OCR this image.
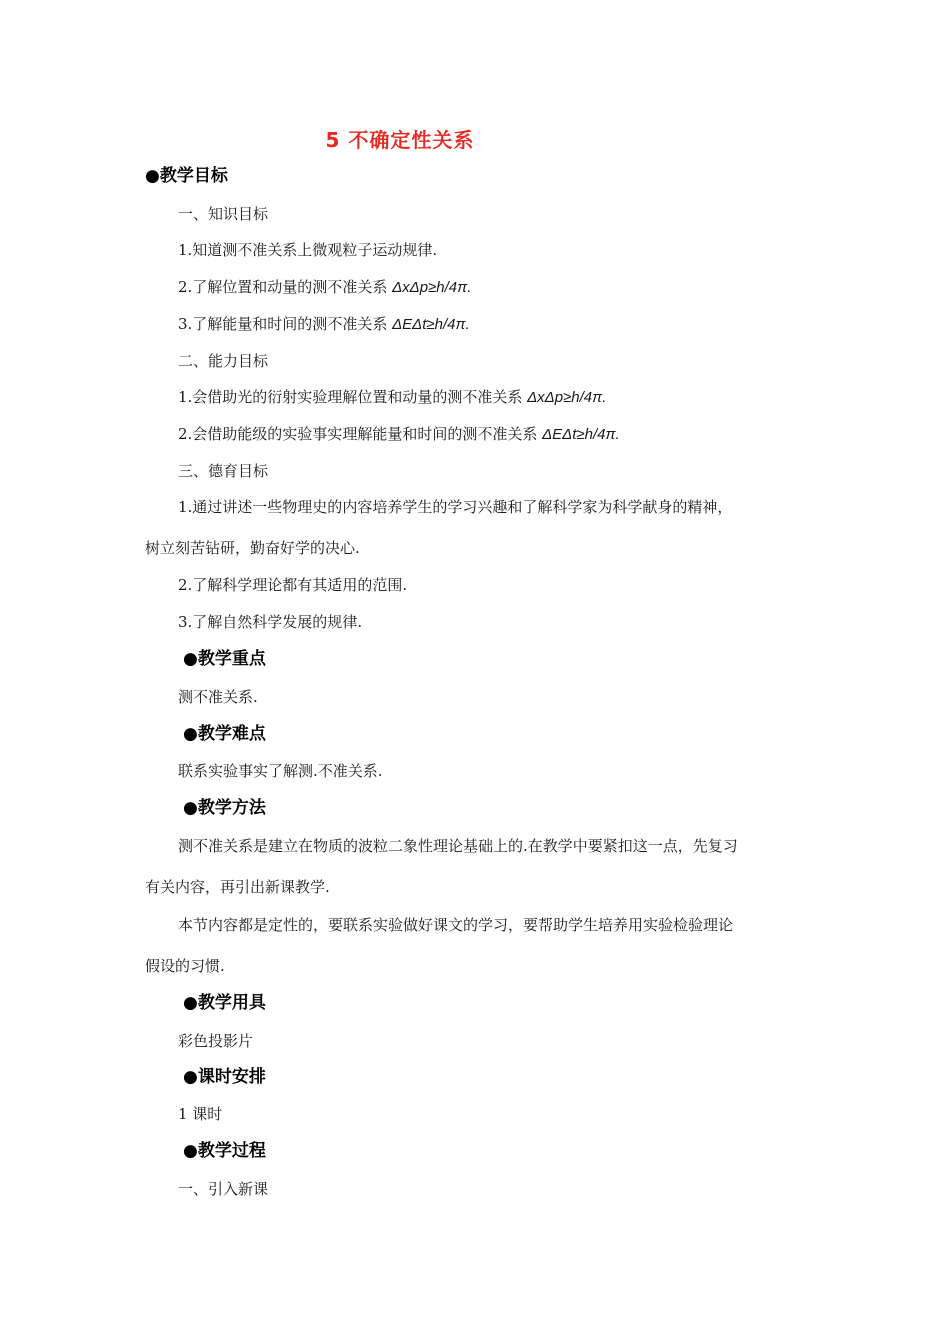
5 不确定性关系
●教学目标
一、知识目标
1.知道测不准关系上微观粒子运动规律.
2.了解位置和动量的测不准关系 ΔxΔp≥h/4π.
3.了解能量和时间的测不准关系 ΔEΔt≥h/4π.
二、能力目标
1.会借助光的衍射实验理解位置和动量的测不准关系 ΔxΔp≥h/4π.
2.会借助能级的实验事实理解能量和时间的测不准关系 ΔEΔt≥h/4π.
三、德育目标
1.通过讲述一些物理史的内容培养学生的学习兴趣和了解科学家为科学献身的精神，
树立刻苦钻研，勤奋好学的决心.
2.了解科学理论都有其适用的范围.
3.了解自然科学发展的规律.
●教学重点
测不准关系.
●教学难点
联系实验事实了解测.不准关系.
●教学方法
测不准关系是建立在物质的波粒二象性理论基础上的.在教学中要紧扣这一点，先复习
有关内容，再引出新课教学.
本节内容都是定性的，要联系实验做好课文的学习，要帮助学生培养用实验检验理论
假设的习惯.
●教学用具
彩色投影片
●课时安排
1 课时
●教学过程
一、引入新课
